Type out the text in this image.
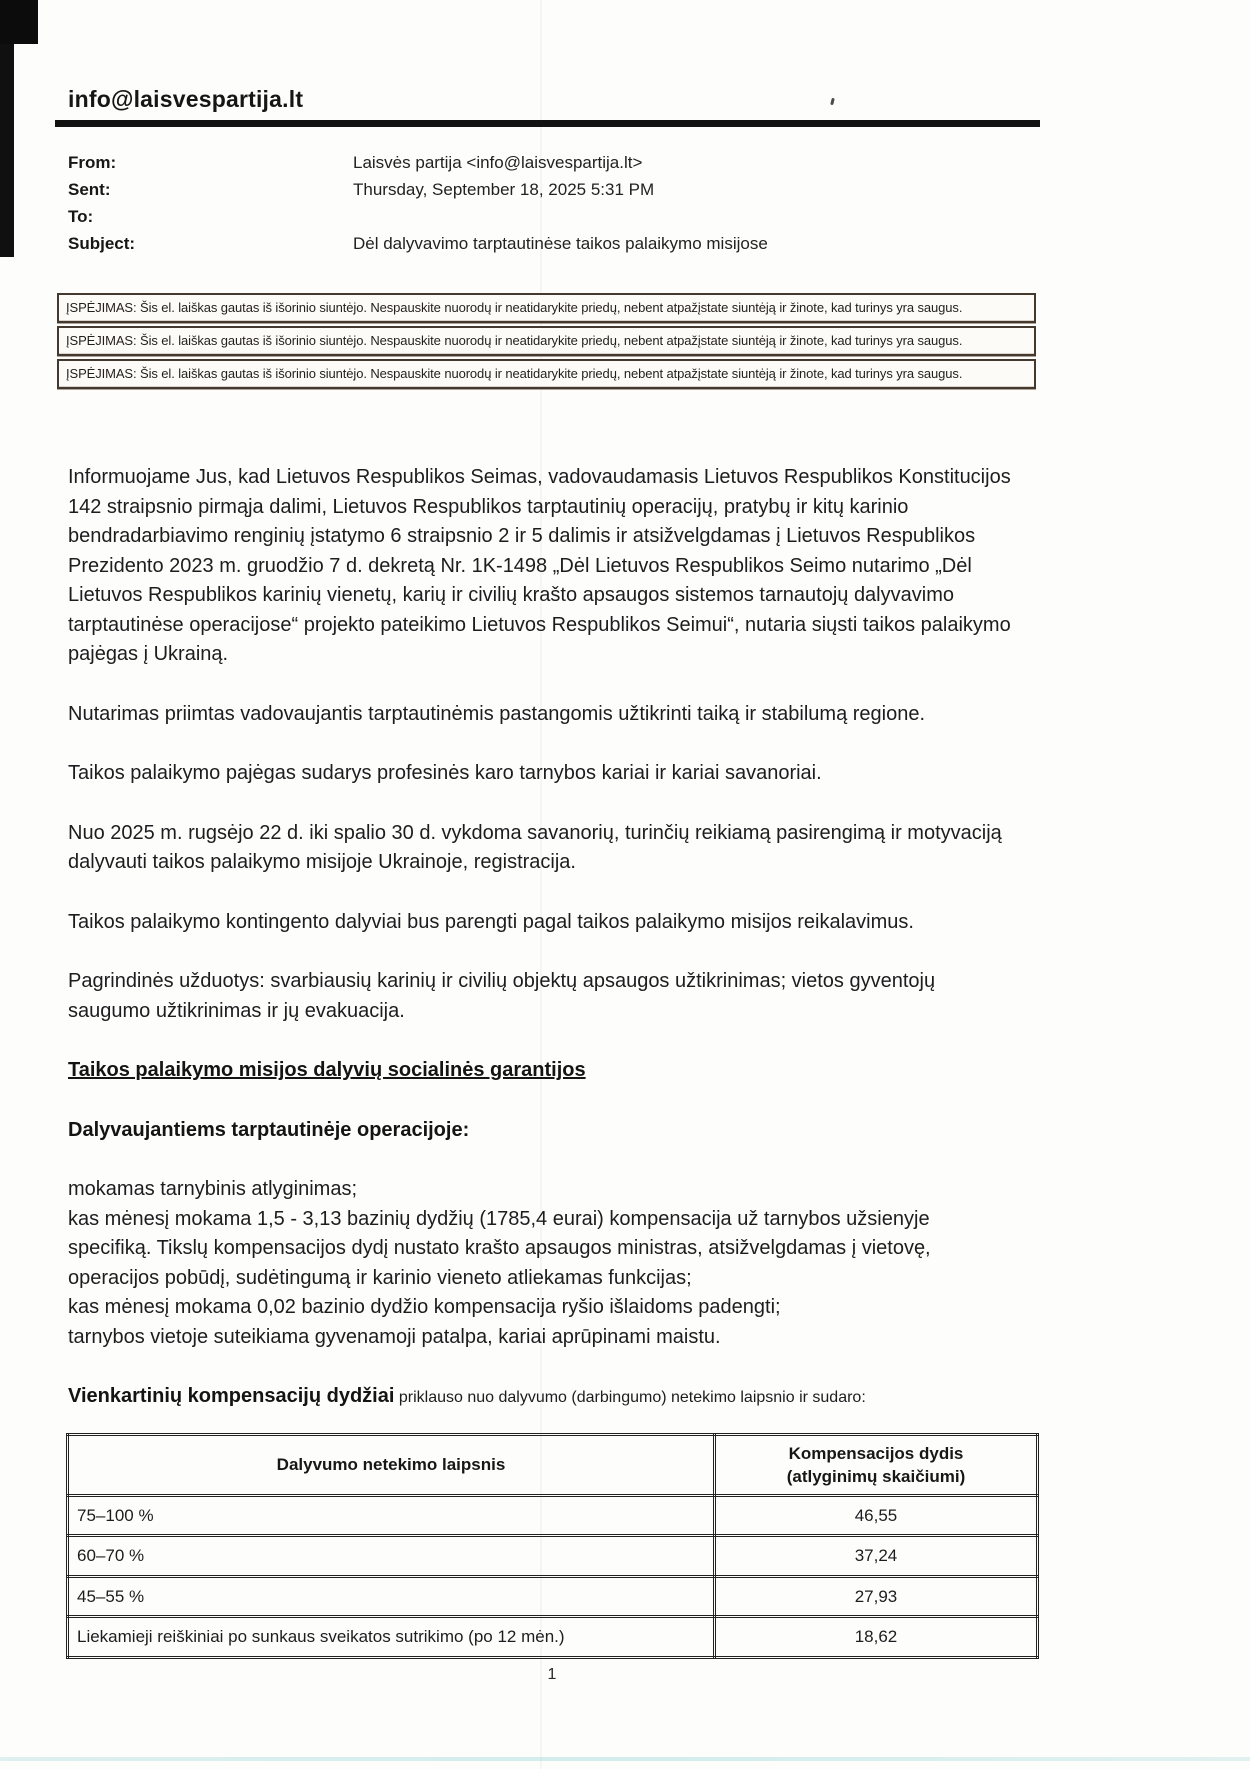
info@laisvespartija.lt
From:	Laisvės partija <info@laisvespartija.lt>
Sent:	Thursday, September 18, 2025 5:31 PM
To:
Subject:	Dėl dalyvavimo tarptautinėse taikos palaikymo misijose
ĮSPĖJIMAS: Šis el. laiškas gautas iš išorinio siuntėjo. Nespauskite nuorodų ir neatidarykite priedų, nebent atpažįstate siuntėją ir žinote, kad turinys yra saugus.
ĮSPĖJIMAS: Šis el. laiškas gautas iš išorinio siuntėjo. Nespauskite nuorodų ir neatidarykite priedų, nebent atpažįstate siuntėją ir žinote, kad turinys yra saugus.
ĮSPĖJIMAS: Šis el. laiškas gautas iš išorinio siuntėjo. Nespauskite nuorodų ir neatidarykite priedų, nebent atpažįstate siuntėją ir žinote, kad turinys yra saugus.

Informuojame Jus, kad Lietuvos Respublikos Seimas, vadovaudamasis Lietuvos Respublikos Konstitucijos 142 straipsnio pirmąja dalimi, Lietuvos Respublikos tarptautinių operacijų, pratybų ir kitų karinio bendradarbiavimo renginių įstatymo 6 straipsnio 2 ir 5 dalimis ir atsižvelgdamas į Lietuvos Respublikos Prezidento 2023 m. gruodžio 7 d. dekretą Nr. 1K-1498 „Dėl Lietuvos Respublikos Seimo nutarimo „Dėl Lietuvos Respublikos karinių vienetų, karių ir civilių krašto apsaugos sistemos tarnautojų dalyvavimo tarptautinėse operacijose“ projekto pateikimo Lietuvos Respublikos Seimui“, nutaria siųsti taikos palaikymo pajėgas į Ukrainą.

Nutarimas priimtas vadovaujantis tarptautinėmis pastangomis užtikrinti taiką ir stabilumą regione.

Taikos palaikymo pajėgas sudarys profesinės karo tarnybos kariai ir kariai savanoriai.

Nuo 2025 m. rugsėjo 22 d. iki spalio 30 d. vykdoma savanorių, turinčių reikiamą pasirengimą ir motyvaciją dalyvauti taikos palaikymo misijoje Ukrainoje, registracija.

Taikos palaikymo kontingento dalyviai bus parengti pagal taikos palaikymo misijos reikalavimus.

Pagrindinės užduotys: svarbiausių karinių ir civilių objektų apsaugos užtikrinimas; vietos gyventojų saugumo užtikrinimas ir jų evakuacija.

Taikos palaikymo misijos dalyvių socialinės garantijos

Dalyvaujantiems tarptautinėje operacijoje:

mokamas tarnybinis atlyginimas;
kas mėnesį mokama 1,5 - 3,13 bazinių dydžių (1785,4 eurai) kompensacija už tarnybos užsienyje specifiką. Tikslų kompensacijos dydį nustato krašto apsaugos ministras, atsižvelgdamas į vietovę, operacijos pobūdį, sudėtingumą ir karinio vieneto atliekamas funkcijas;
kas mėnesį mokama 0,02 bazinio dydžio kompensacija ryšio išlaidoms padengti;
tarnybos vietoje suteikiama gyvenamoji patalpa, kariai aprūpinami maistu.

Vienkartinių kompensacijų dydžiai priklauso nuo dalyvumo (darbingumo) netekimo laipsnio ir sudaro:

Dalyvumo netekimo laipsnis	Kompensacijos dydis
(atlyginimų skaičiumi)

75–100 %	46,55
60–70 %	37,24
45–55 %	27,93
Liekamieji reiškiniai po sunkaus sveikatos sutrikimo (po 12 mėn.)	18,62
1
